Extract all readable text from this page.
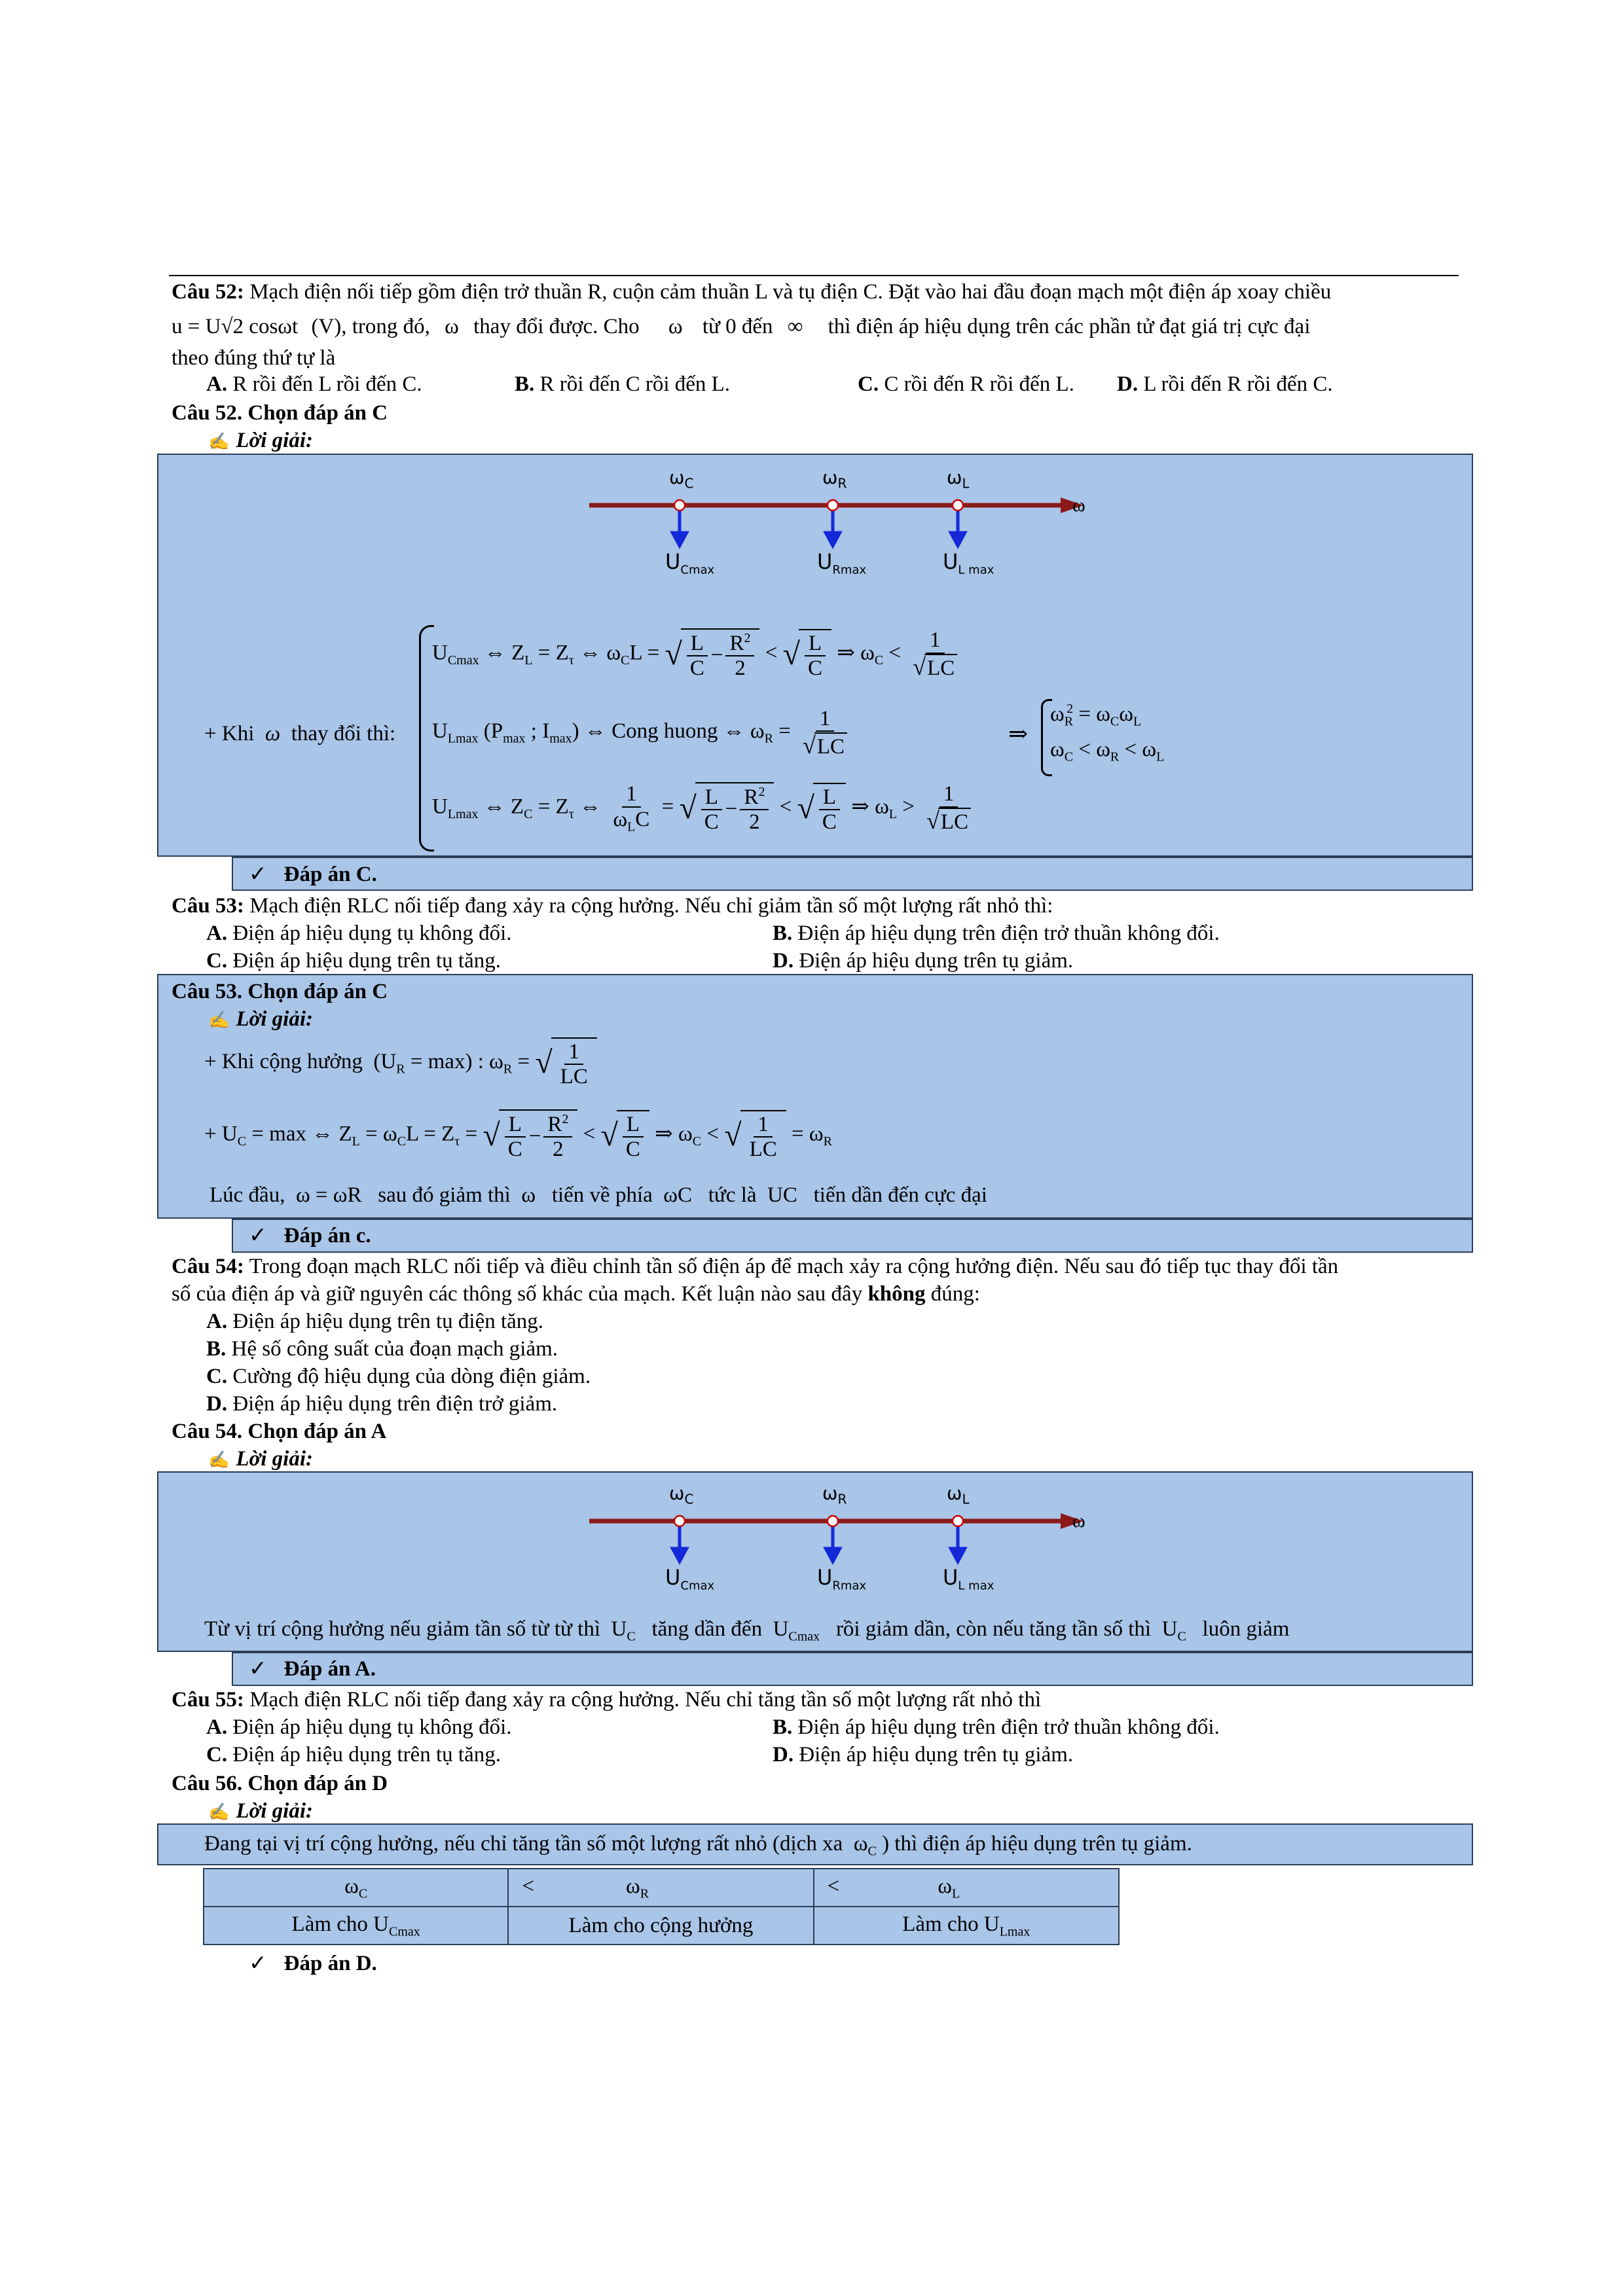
Câu 52: Mạch điện nối tiếp gồm điện trở thuần R, cuộn cảm thuần L và tụ điện C. Đặt vào hai đầu đoạn mạch một điện áp xoay chiều
u = U√2 cosωt (V), trong đó, ω thay đổi được. Cho ω từ 0 đến ∞ thì điện áp hiệu dụng trên các phần tử đạt giá trị cực đại
theo đúng thứ tự là
A. R rồi đến L rồi đến C.	B. R rồi đến C rồi đến L.	C. C rồi đến R rồi đến L. D. L rồi đến R rồi đến C.
Câu 52. Chọn đáp án C
✍ Lời giải:
$\omega_C$	$\omega_R$	$\omega_L$
ω
$U_{Cmax}$	$U_{Rmax}$	$U_{L max}$
+ Khi  ω  thay đổi thì:
$U_{Cmax}$ ⇔ $Z_L = Z_\tau$ ⇔ $\omega_CL$ = √ $\frac{L}{C} - \frac{R^2}{2}$ < √ $\frac{L}{C}$ ⇒ $\omega_C < \frac{1}{√ LC}$
$U_{Lmax}$ ($P_{max}$ ; $I_{max}$) ⇔ Cong huong ⇔ $\omega_R = \frac{1}{√ LC}$
$U_{Lmax}$ ⇔ $Z_C = Z_\tau$ ⇔ $\frac{1}{\omega_LC}$ = √ $\frac{L}{C} - \frac{R^2}{2}$ < √ $\frac{L}{C}$ ⇒ $\omega_L > \frac{1}{√ LC}$
⇒
$\omega_R^2 = \omega_C\omega_L$
$\omega_C < \omega_R < \omega_L$
✓ Đáp án C.
Câu 53: Mạch điện RLC nối tiếp đang xảy ra cộng hưởng. Nếu chỉ giảm tần số một lượng rất nhỏ thì:
A. Điện áp hiệu dụng tụ không đổi.	B. Điện áp hiệu dụng trên điện trở thuần không đổi.
C. Điện áp hiệu dụng trên tụ tăng.	D. Điện áp hiệu dụng trên tụ giảm.
Câu 53. Chọn đáp án C
✍ Lời giải:
+ Khi cộng hưởng  $(U_R = \max)$ : $\omega_R$ = √ $\frac{1}{LC}$
+ $U_C = \max$ ⇔ $Z_L = \omega_CL = Z_\tau$ = √ $\frac{L}{C} - \frac{R^2}{2}$ < √ $\frac{L}{C}$ ⇒ $\omega_C$ < √ $\frac{1}{LC} = \omega_R$
Lúc đầu, ω = ωR sau đó giảm thì ω tiến về phía ωC tức là UC tiến dần đến cực đại
✓ Đáp án c.
Câu 54: Trong đoạn mạch RLC nối tiếp và điều chỉnh tần số điện áp để mạch xảy ra cộng hưởng điện. Nếu sau đó tiếp tục thay đổi tần
số của điện áp và giữ nguyên các thông số khác của mạch. Kết luận nào sau đây không đúng:
A. Điện áp hiệu dụng trên tụ điện tăng.
B. Hệ số công suất của đoạn mạch giảm.
C. Cường độ hiệu dụng của dòng điện giảm.
D. Điện áp hiệu dụng trên điện trở giảm.
Câu 54. Chọn đáp án A
✍ Lời giải:
$\omega_C$	$\omega_R$	$\omega_L$
ω
$U_{Cmax}$	$U_{Rmax}$	$U_{L max}$
Từ vị trí cộng hưởng nếu giảm tần số từ từ thì  $U_C$ tăng dần đến  $U_{Cmax}$ rồi giảm dần, còn nếu tăng tần số thì  $U_C$ luôn giảm
✓ Đáp án A.
Câu 55: Mạch điện RLC nối tiếp đang xảy ra cộng hưởng. Nếu chỉ tăng tần số một lượng rất nhỏ thì
A. Điện áp hiệu dụng tụ không đổi.	B. Điện áp hiệu dụng trên điện trở thuần không đổi.
C. Điện áp hiệu dụng trên tụ tăng.	D. Điện áp hiệu dụng trên tụ giảm.
Câu 56. Chọn đáp án D
✍ Lời giải:
Đang tại vị trí cộng hưởng, nếu chỉ tăng tần số một lượng rất nhỏ (dịch xa  $\omega_C$ ) thì điện áp hiệu dụng trên tụ giảm.
$\omega_C$	< $\omega_R$	< $\omega_L$
Làm cho $U_{Cmax}$	Làm cho cộng hưởng	Làm cho $U_{Lmax}$
✓ Đáp án D.
